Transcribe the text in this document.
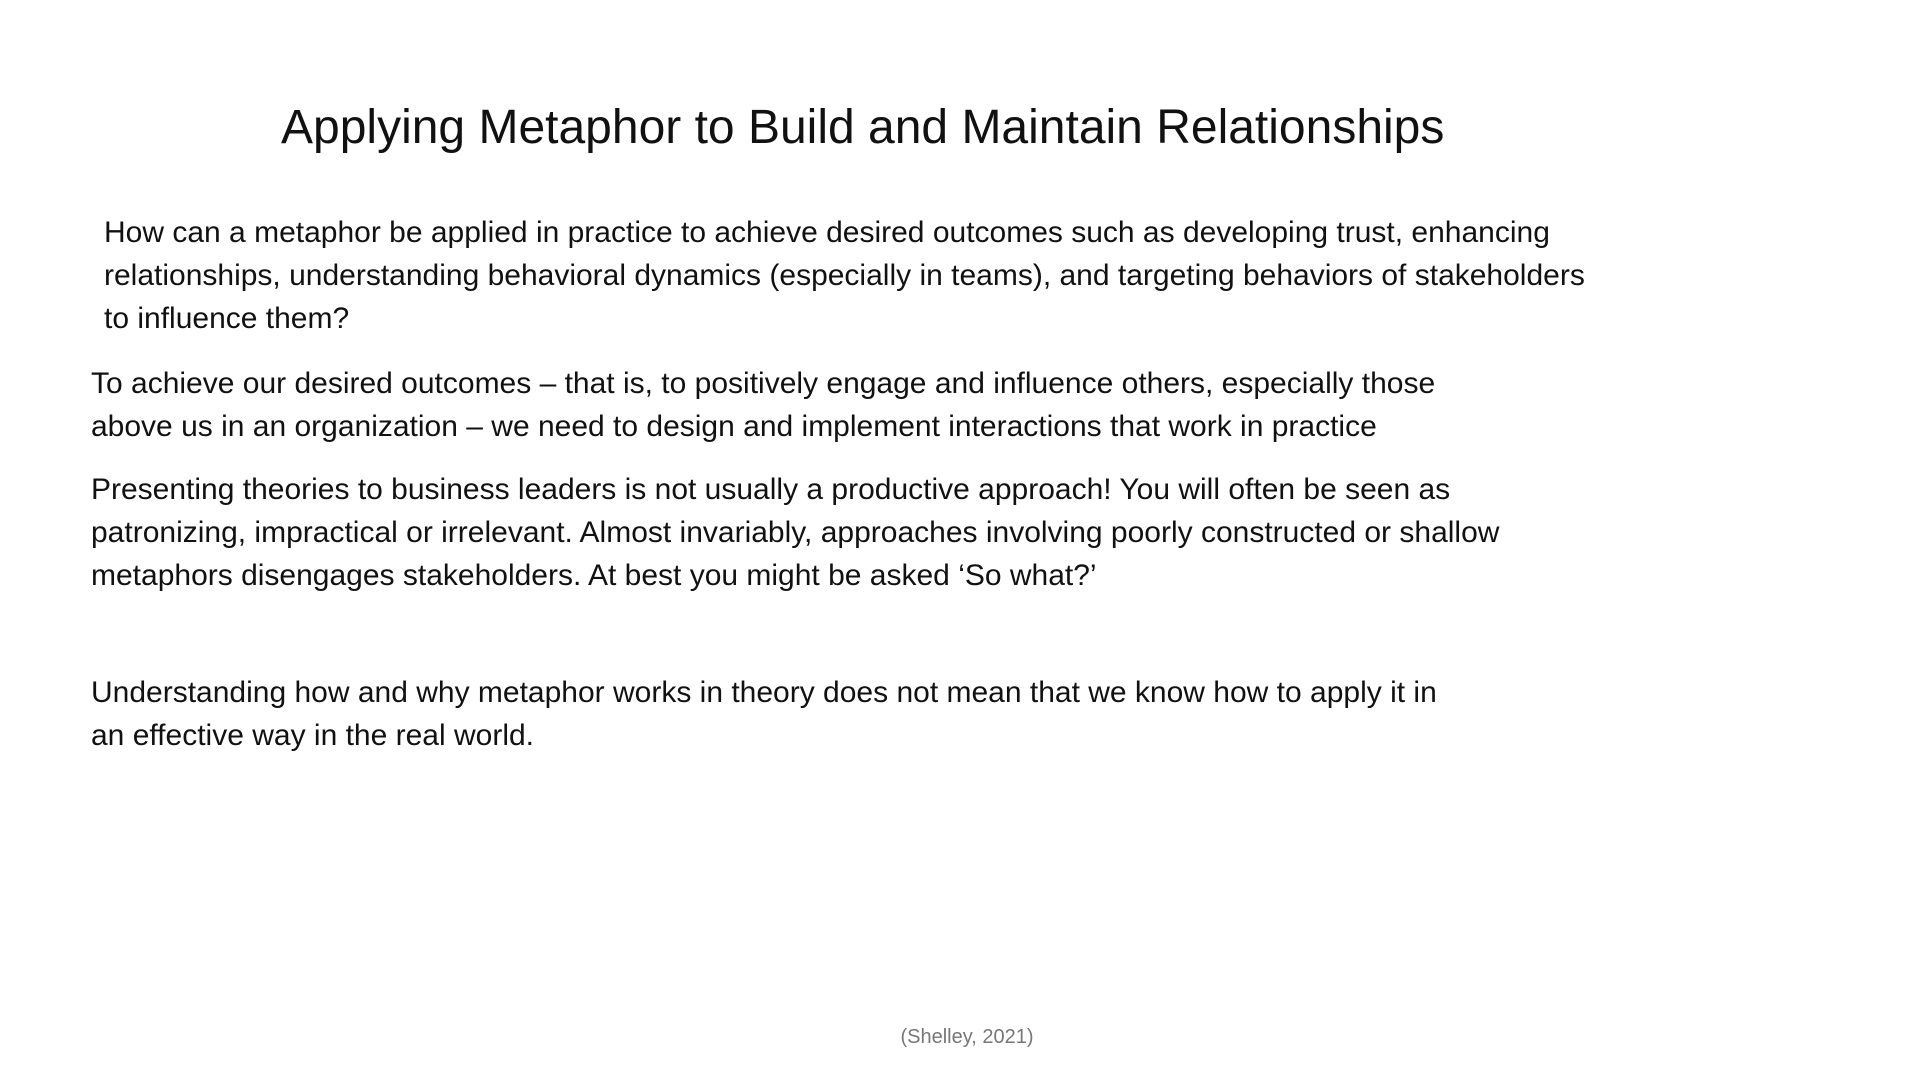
Applying Metaphor to Build and Maintain Relationships

How can a metaphor be applied in practice to achieve desired outcomes such as developing trust, enhancing
relationships, understanding behavioral dynamics (especially in teams), and targeting behaviors of stakeholders
to influence them?

To achieve our desired outcomes – that is, to positively engage and influence others, especially those
above us in an organization – we need to design and implement interactions that work in practice

Presenting theories to business leaders is not usually a productive approach! You will often be seen as
patronizing, impractical or irrelevant. Almost invariably, approaches involving poorly constructed or shallow
metaphors disengages stakeholders. At best you might be asked ‘So what?’

Understanding how and why metaphor works in theory does not mean that we know how to apply it in
an effective way in the real world.

(Shelley, 2021)
